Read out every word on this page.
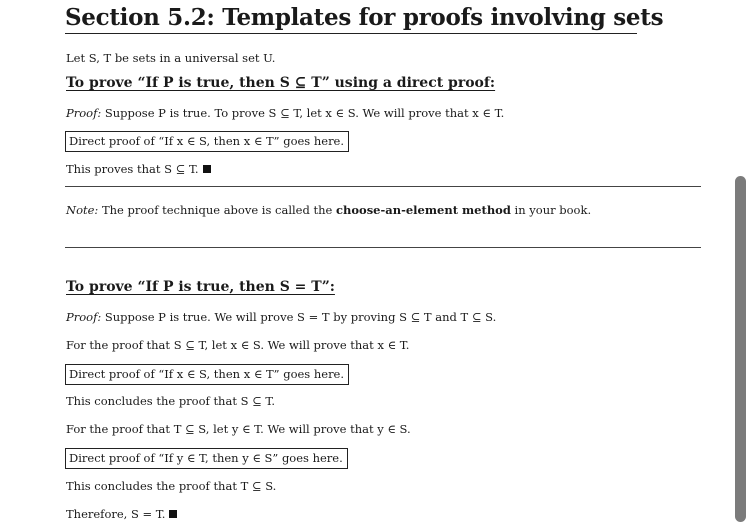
Section 5.2: Templates for proofs involving sets
Let S, T be sets in a universal set U.
To prove “If P is true, then S ⊆ T” using a direct proof:
Proof: Suppose P is true. To prove S ⊆ T, let x ∈ S. We will prove that x ∈ T.
Direct proof of “If x ∈ S, then x ∈ T” goes here.
This proves that S ⊆ T.
Note: The proof technique above is called the choose-an-element method in your book.
To prove “If P is true, then S = T”:
Proof: Suppose P is true. We will prove S = T by proving S ⊆ T and T ⊆ S.
For the proof that S ⊆ T, let x ∈ S. We will prove that x ∈ T.
Direct proof of “If x ∈ S, then x ∈ T” goes here.
This concludes the proof that S ⊆ T.
For the proof that T ⊆ S, let y ∈ T. We will prove that y ∈ S.
Direct proof of “If y ∈ T, then y ∈ S” goes here.
This concludes the proof that T ⊆ S.
Therefore, S = T.
